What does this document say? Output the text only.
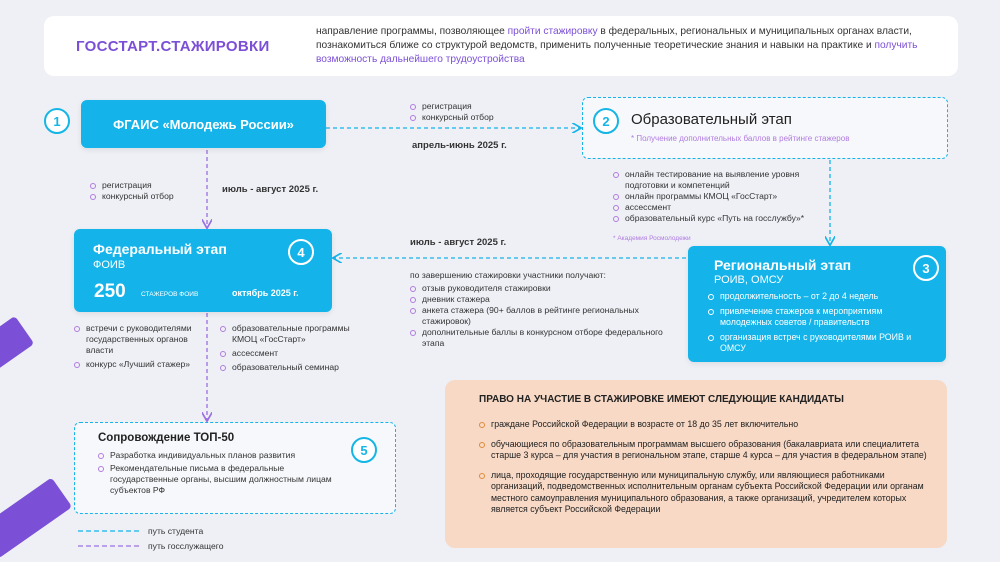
ГОССТАРТ.СТАЖИРОВКИ
направление программы, позволяющее пройти стажировку в федеральных, региональных и муниципальных органах власти, познакомиться ближе со структурой ведомств, применить полученные теоретические знания и навыки на практике и получить возможность дальнейшего трудоустройства
1	ФГАИС «Молодежь России»
регистрация
конкурсный отбор
апрель-июнь 2025 г.
регистрация
конкурсный отбор
июль - август 2025 г.
2	Образовательный этап
* Получение дополнительных баллов в рейтинге стажеров
онлайн тестирование на выявление уровня подготовки и компетенций
онлайн программы КМОЦ «ГосСтарт»
ассессмент
образовательный курс «Путь на госслужбу»*
* Академия Росмолодежи
Региональный этап
РОИВ, ОМСУ
3
продолжительность – от 2 до 4 недель
привлечение стажеров к мероприятиям молодежных советов / правительств
организация встреч с руководителями РОИВ и ОМСУ
июль - август 2025 г.
по завершению стажировки участники получают:
отзыв руководителя стажировки
дневник стажера
анкета стажера (90+ баллов в рейтинге региональных стажировок)
дополнительные баллы в конкурсном отборе федерального этапа
Федеральный этап
ФОИВ
4
250 СТАЖЕРОВ ФОИВ	октябрь 2025 г.
встречи с руководителями государственных органов власти
конкурс «Лучший стажер»
образовательные программы КМОЦ «ГосСтарт»
ассессмент
образовательный семинар
Сопровождение ТОП-50
5
Разработка индивидуальных планов развития
Рекомендательные письма в федеральные государственные органы, высшим должностным лицам субъектов РФ
путь студента
путь госслужащего
ПРАВО НА УЧАСТИЕ В СТАЖИРОВКЕ ИМЕЮТ СЛЕДУЮЩИЕ КАНДИДАТЫ
граждане Российской Федерации в возрасте от 18 до 35 лет включительно
обучающиеся по образовательным программам высшего образования (бакалавриата или специалитета старше 3 курса – для участия в региональном этапе, старше 4 курса – для участия в федеральном этапе)
лица, проходящие государственную или муниципальную службу, или являющиеся работниками организаций, подведомственных исполнительным органам субъекта Российской Федерации или органам местного самоуправления муниципального образования, а также организаций, учредителем которых является субъект Российской Федерации
